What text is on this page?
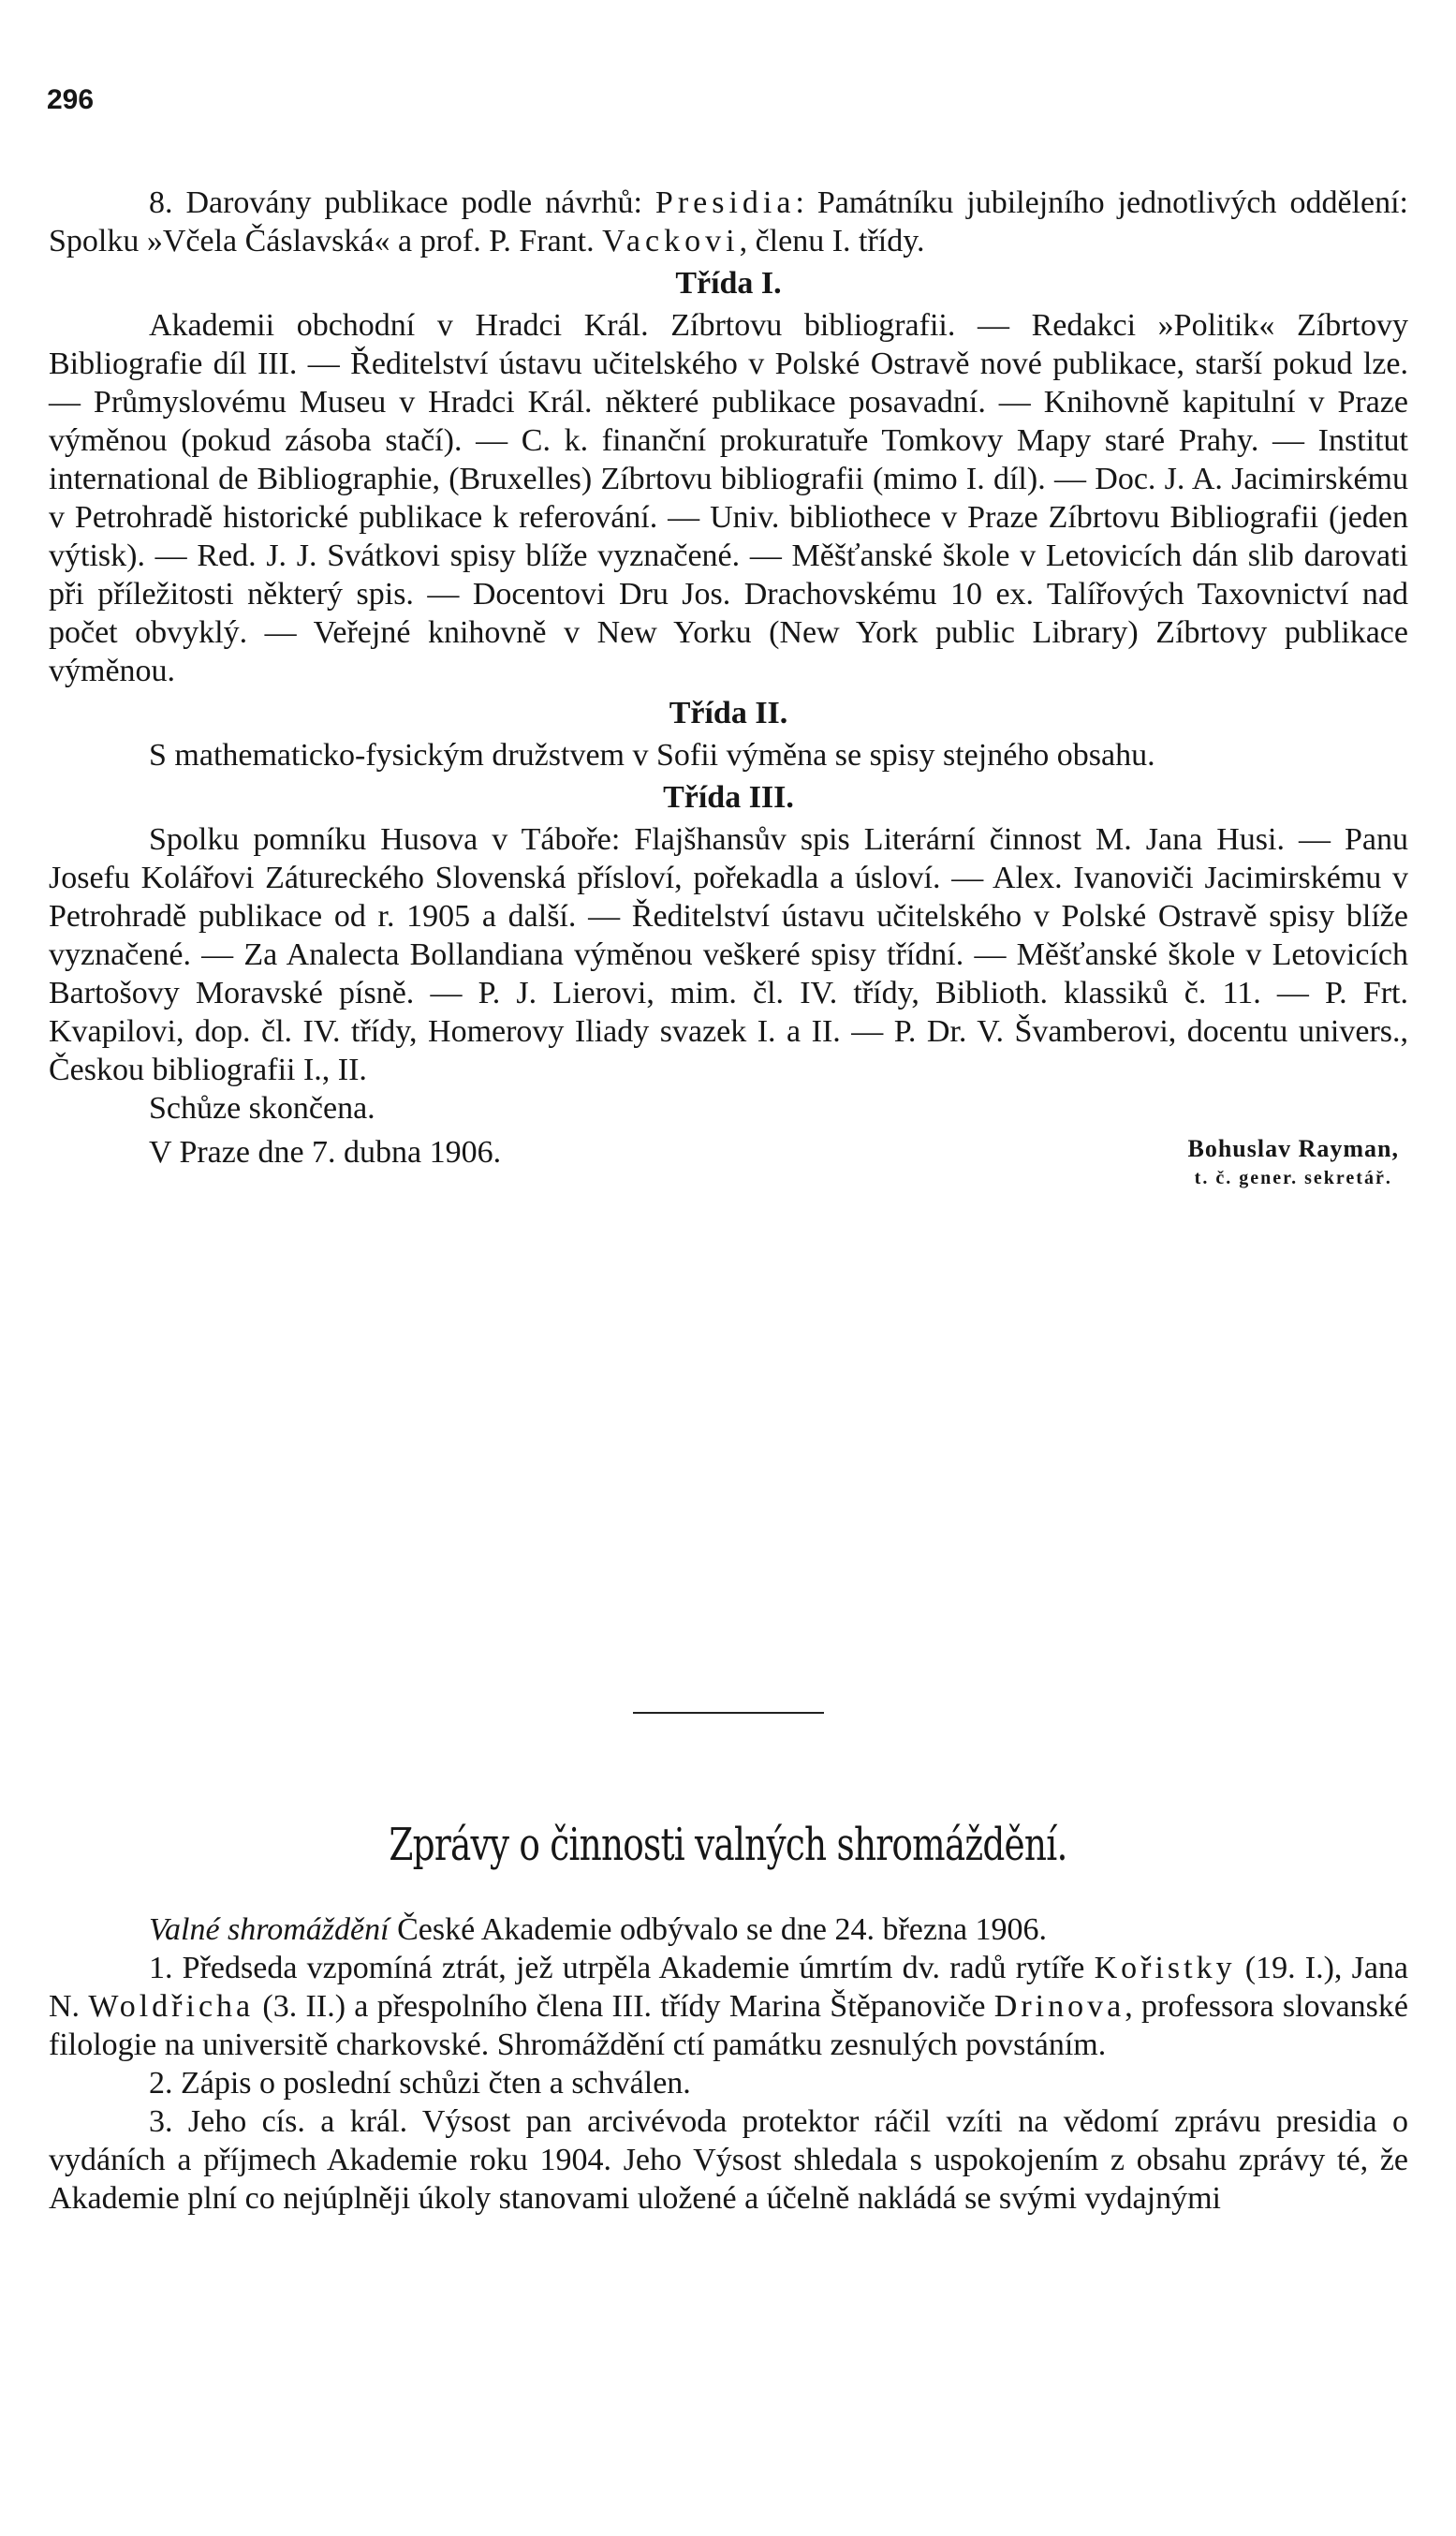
296

8. Darovány publikace podle návrhů: Presidia: Památníku jubilejního jednotlivých oddělení: Spolku »Včela Čáslavská« a prof. P. Frant. Vackovi, členu I. třídy.

Třída I.

Akademii obchodní v Hradci Král. Zíbrtovu bibliografii. — Redakci »Politik« Zíbrtovy Bibliografie díl III. — Ředitelství ústavu učitelského v Polské Ostravě nové publikace, starší pokud lze. — Průmyslovému Museu v Hradci Král. některé publikace posavadní. — Knihovně kapitulní v Praze výměnou (pokud zásoba stačí). — C. k. finanční prokuratuře Tomkovy Mapy staré Prahy. — Institut international de Bibliographie, (Bruxelles) Zíbrtovu bibliografii (mimo I. díl). — Doc. J. A. Jacimirskému v Petrohradě historické publikace k referování. — Univ. bibliothece v Praze Zíbrtovu Bibliografii (jeden výtisk). — Red. J. J. Svátkovi spisy blíže vyznačené. — Měšťanské škole v Letovicích dán slib darovati při příležitosti některý spis. — Docentovi Dru Jos. Drachovskému 10 ex. Talířových Taxovnictví nad počet obvyklý. — Veřejné knihovně v New Yorku (New York public Library) Zíbrtovy publikace výměnou.

Třída II.

S mathematicko-fysickým družstvem v Sofii výměna se spisy stejného obsahu.

Třída III.

Spolku pomníku Husova v Táboře: Flajšhansův spis Literární činnost M. Jana Husi. — Panu Josefu Kolářovi Zátureckého Slovenská přísloví, pořekadla a úsloví. — Alex. Ivanoviči Jacimirskému v Petrohradě publikace od r. 1905 a další. — Ředitelství ústavu učitelského v Polské Ostravě spisy blíže vyznačené. — Za Analecta Bollandiana výměnou veškeré spisy třídní. — Měšťanské škole v Letovicích Bartošovy Moravské písně. — P. J. Lierovi, mim. čl. IV. třídy, Biblioth. klassiků č. 11. — P. Frt. Kvapilovi, dop. čl. IV. třídy, Homerovy Iliady svazek I. a II. — P. Dr. V. Švamberovi, docentu univers., Českou bibliografii I., II.

Schůze skončena.

V Praze dne 7. dubna 1906.	Bohuslav Rayman,
t. č. gener. sekretář.
Zprávy o činnosti valných shromáždění.

Valné shromáždění České Akademie odbývalo se dne 24. března 1906.

1. Předseda vzpomíná ztrát, jež utrpěla Akademie úmrtím dv. radů rytíře Kořistky (19. I.), Jana N. Woldřicha (3. II.) a přespolního člena III. třídy Marina Štěpanoviče Drinova, professora slovanské filologie na universitě charkovské. Shromáždění ctí památku zesnulých povstáním.

2. Zápis o poslední schůzi čten a schválen.

3. Jeho cís. a král. Výsost pan arcivévoda protektor ráčil vzíti na vědomí zprávu presidia o vydáních a příjmech Akademie roku 1904. Jeho Výsost shledala s uspokojením z obsahu zprávy té, že Akademie plní co nejúplněji úkoly stanovami uložené a účelně nakládá se svými vydajnými
